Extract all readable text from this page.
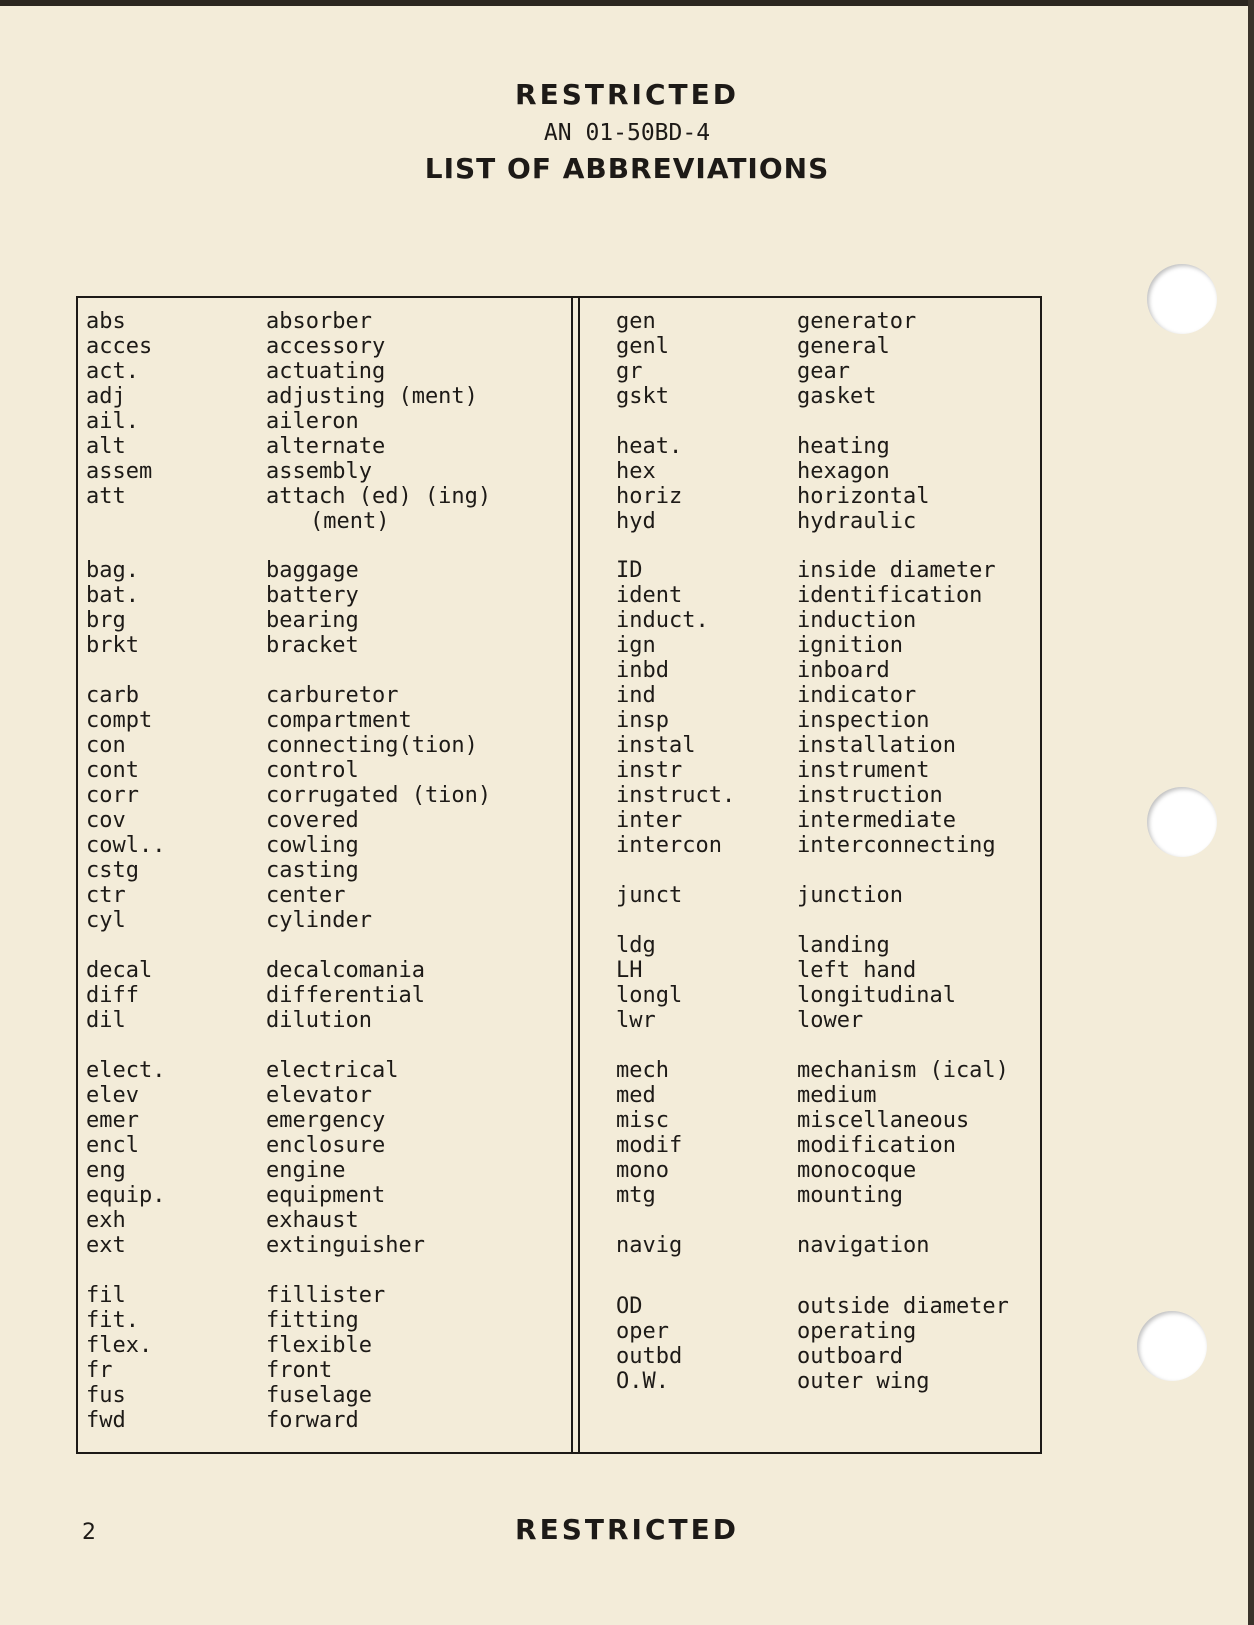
RESTRICTED
AN 01-50BD-4
LIST OF ABBREVIATIONS
abs	absorber
acces	accessory
act.	actuating
adj	adjusting (ment)
ail.	aileron
alt	alternate
assem	assembly
att	attach (ed) (ing)
(ment)
bag.	baggage
bat.	battery
brg	bearing
brkt	bracket
carb	carburetor
compt	compartment
con	connecting(tion)
cont	control
corr	corrugated (tion)
cov	covered
cowl..	cowling
cstg	casting
ctr	center
cyl	cylinder
decal	decalcomania
diff	differential
dil	dilution
elect.	electrical
elev	elevator
emer	emergency
encl	enclosure
eng	engine
equip.	equipment
exh	exhaust
ext	extinguisher
fil	fillister
fit.	fitting
flex.	flexible
fr	front
fus	fuselage
fwd	forward
gen	generator
genl	general
gr	gear
gskt	gasket
heat.	heating
hex	hexagon
horiz	horizontal
hyd	hydraulic
ID	inside diameter
ident	identification
induct.	induction
ign	ignition
inbd	inboard
ind	indicator
insp	inspection
instal	installation
instr	instrument
instruct.	instruction
inter	intermediate
intercon	interconnecting
junct	junction
ldg	landing
LH	left hand
longl	longitudinal
lwr	lower
mech	mechanism (ical)
med	medium
misc	miscellaneous
modif	modification
mono	monocoque
mtg	mounting
navig	navigation
OD	outside diameter
oper	operating
outbd	outboard
O.W.	outer wing
2	RESTRICTED
